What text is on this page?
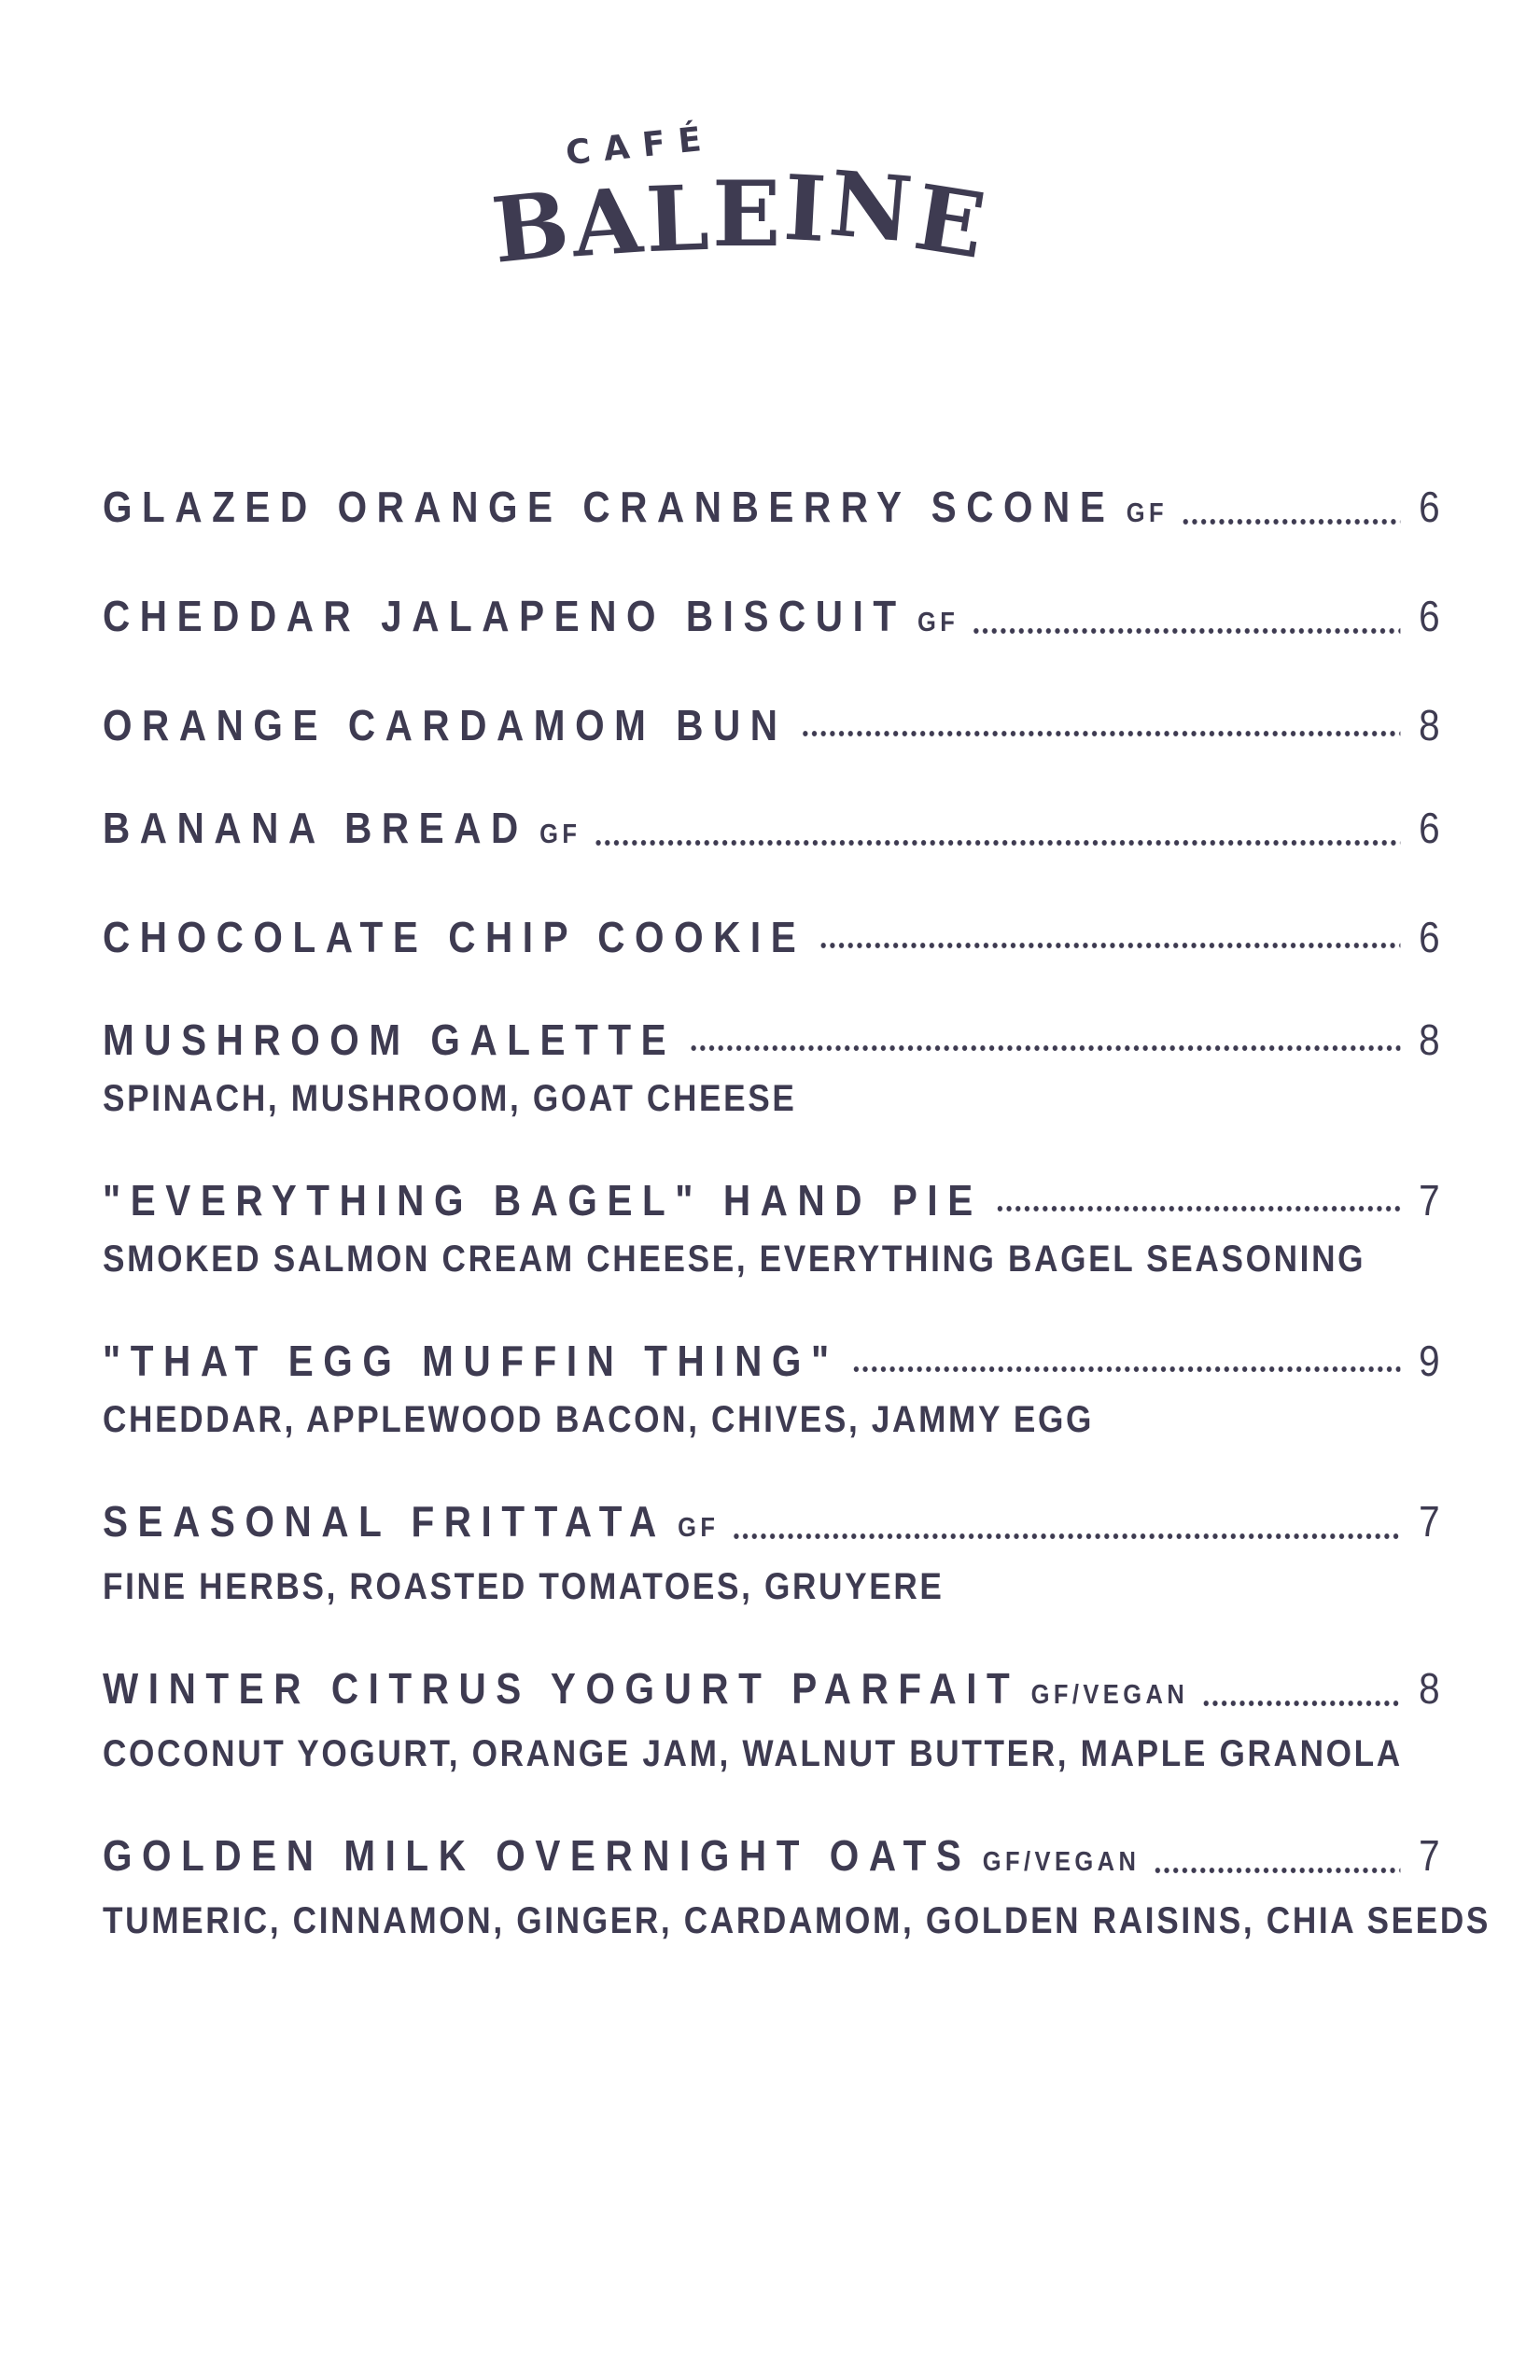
CAFÉ
B
A
L E I
N
E
GLAZED ORANGE CRANBERRY SCONE GF	6
CHEDDAR JALAPENO BISCUIT GF	6
ORANGE CARDAMOM BUN	8
BANANA BREAD GF	6
CHOCOLATE CHIP COOKIE	6
MUSHROOM GALETTE	8
SPINACH, MUSHROOM, GOAT CHEESE
"EVERYTHING BAGEL" HAND PIE	7
SMOKED SALMON CREAM CHEESE, EVERYTHING BAGEL SEASONING
"THAT EGG MUFFIN THING"	9
CHEDDAR, APPLEWOOD BACON, CHIVES, JAMMY EGG
SEASONAL FRITTATA GF	7
FINE HERBS, ROASTED TOMATOES, GRUYERE
WINTER CITRUS YOGURT PARFAIT GF/VEGAN	8
COCONUT YOGURT, ORANGE JAM, WALNUT BUTTER, MAPLE GRANOLA
GOLDEN MILK OVERNIGHT OATS GF/VEGAN	7
TUMERIC, CINNAMON, GINGER, CARDAMOM, GOLDEN RAISINS, CHIA SEEDS
